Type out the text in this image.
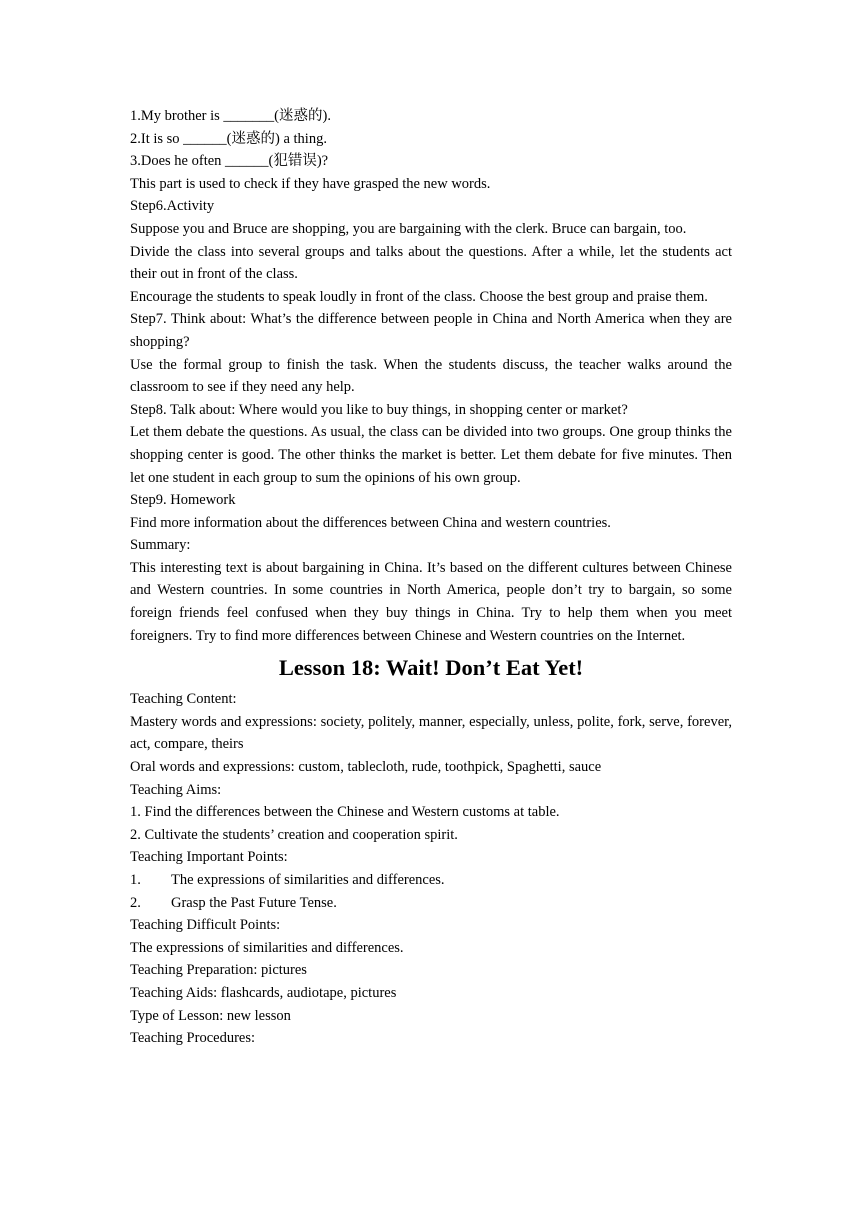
1.My brother is _______(迷惑的).

2.It is so ______(迷惑的) a thing.

3.Does he often ______(犯错误)?

This part is used to check if they have grasped the new words.

Step6.Activity

Suppose you and Bruce are shopping, you are bargaining with the clerk. Bruce can bargain, too.

Divide the class into several groups and talks about the questions. After a while, let the students act their out in front of the class.

Encourage the students to speak loudly in front of the class. Choose the best group and praise them.

Step7. Think about: What’s the difference between people in China and North America when they are shopping?

Use the formal group to finish the task. When the students discuss, the teacher walks around the classroom to see if they need any help.

Step8. Talk about: Where would you like to buy things, in shopping center or market?

Let them debate the questions. As usual, the class can be divided into two groups. One group thinks the shopping center is good. The other thinks the market is better. Let them debate for five minutes. Then let one student in each group to sum the opinions of his own group.

Step9. Homework

Find more information about the differences between China and western countries.

Summary:

This interesting text is about bargaining in China. It’s based on the different cultures between Chinese and Western countries. In some countries in North America, people don’t try to bargain, so some foreign friends feel confused when they buy things in China. Try to help them when you meet foreigners. Try to find more differences between Chinese and Western countries on the Internet.

Lesson 18: Wait! Don’t Eat Yet!

Teaching Content:

Mastery words and expressions: society, politely, manner, especially, unless, polite, fork, serve, forever, act, compare, theirs

Oral words and expressions: custom, tablecloth, rude, toothpick, Spaghetti, sauce

Teaching Aims:

1. Find the differences between the Chinese and Western customs at table.

2. Cultivate the students’ creation and cooperation spirit.

Teaching Important Points:

1.	The expressions of similarities and differences.
2.	Grasp the Past Future Tense.

Teaching Difficult Points:

The expressions of similarities and differences.

Teaching Preparation: pictures

Teaching Aids: flashcards, audiotape, pictures

Type of Lesson: new lesson

Teaching Procedures:
